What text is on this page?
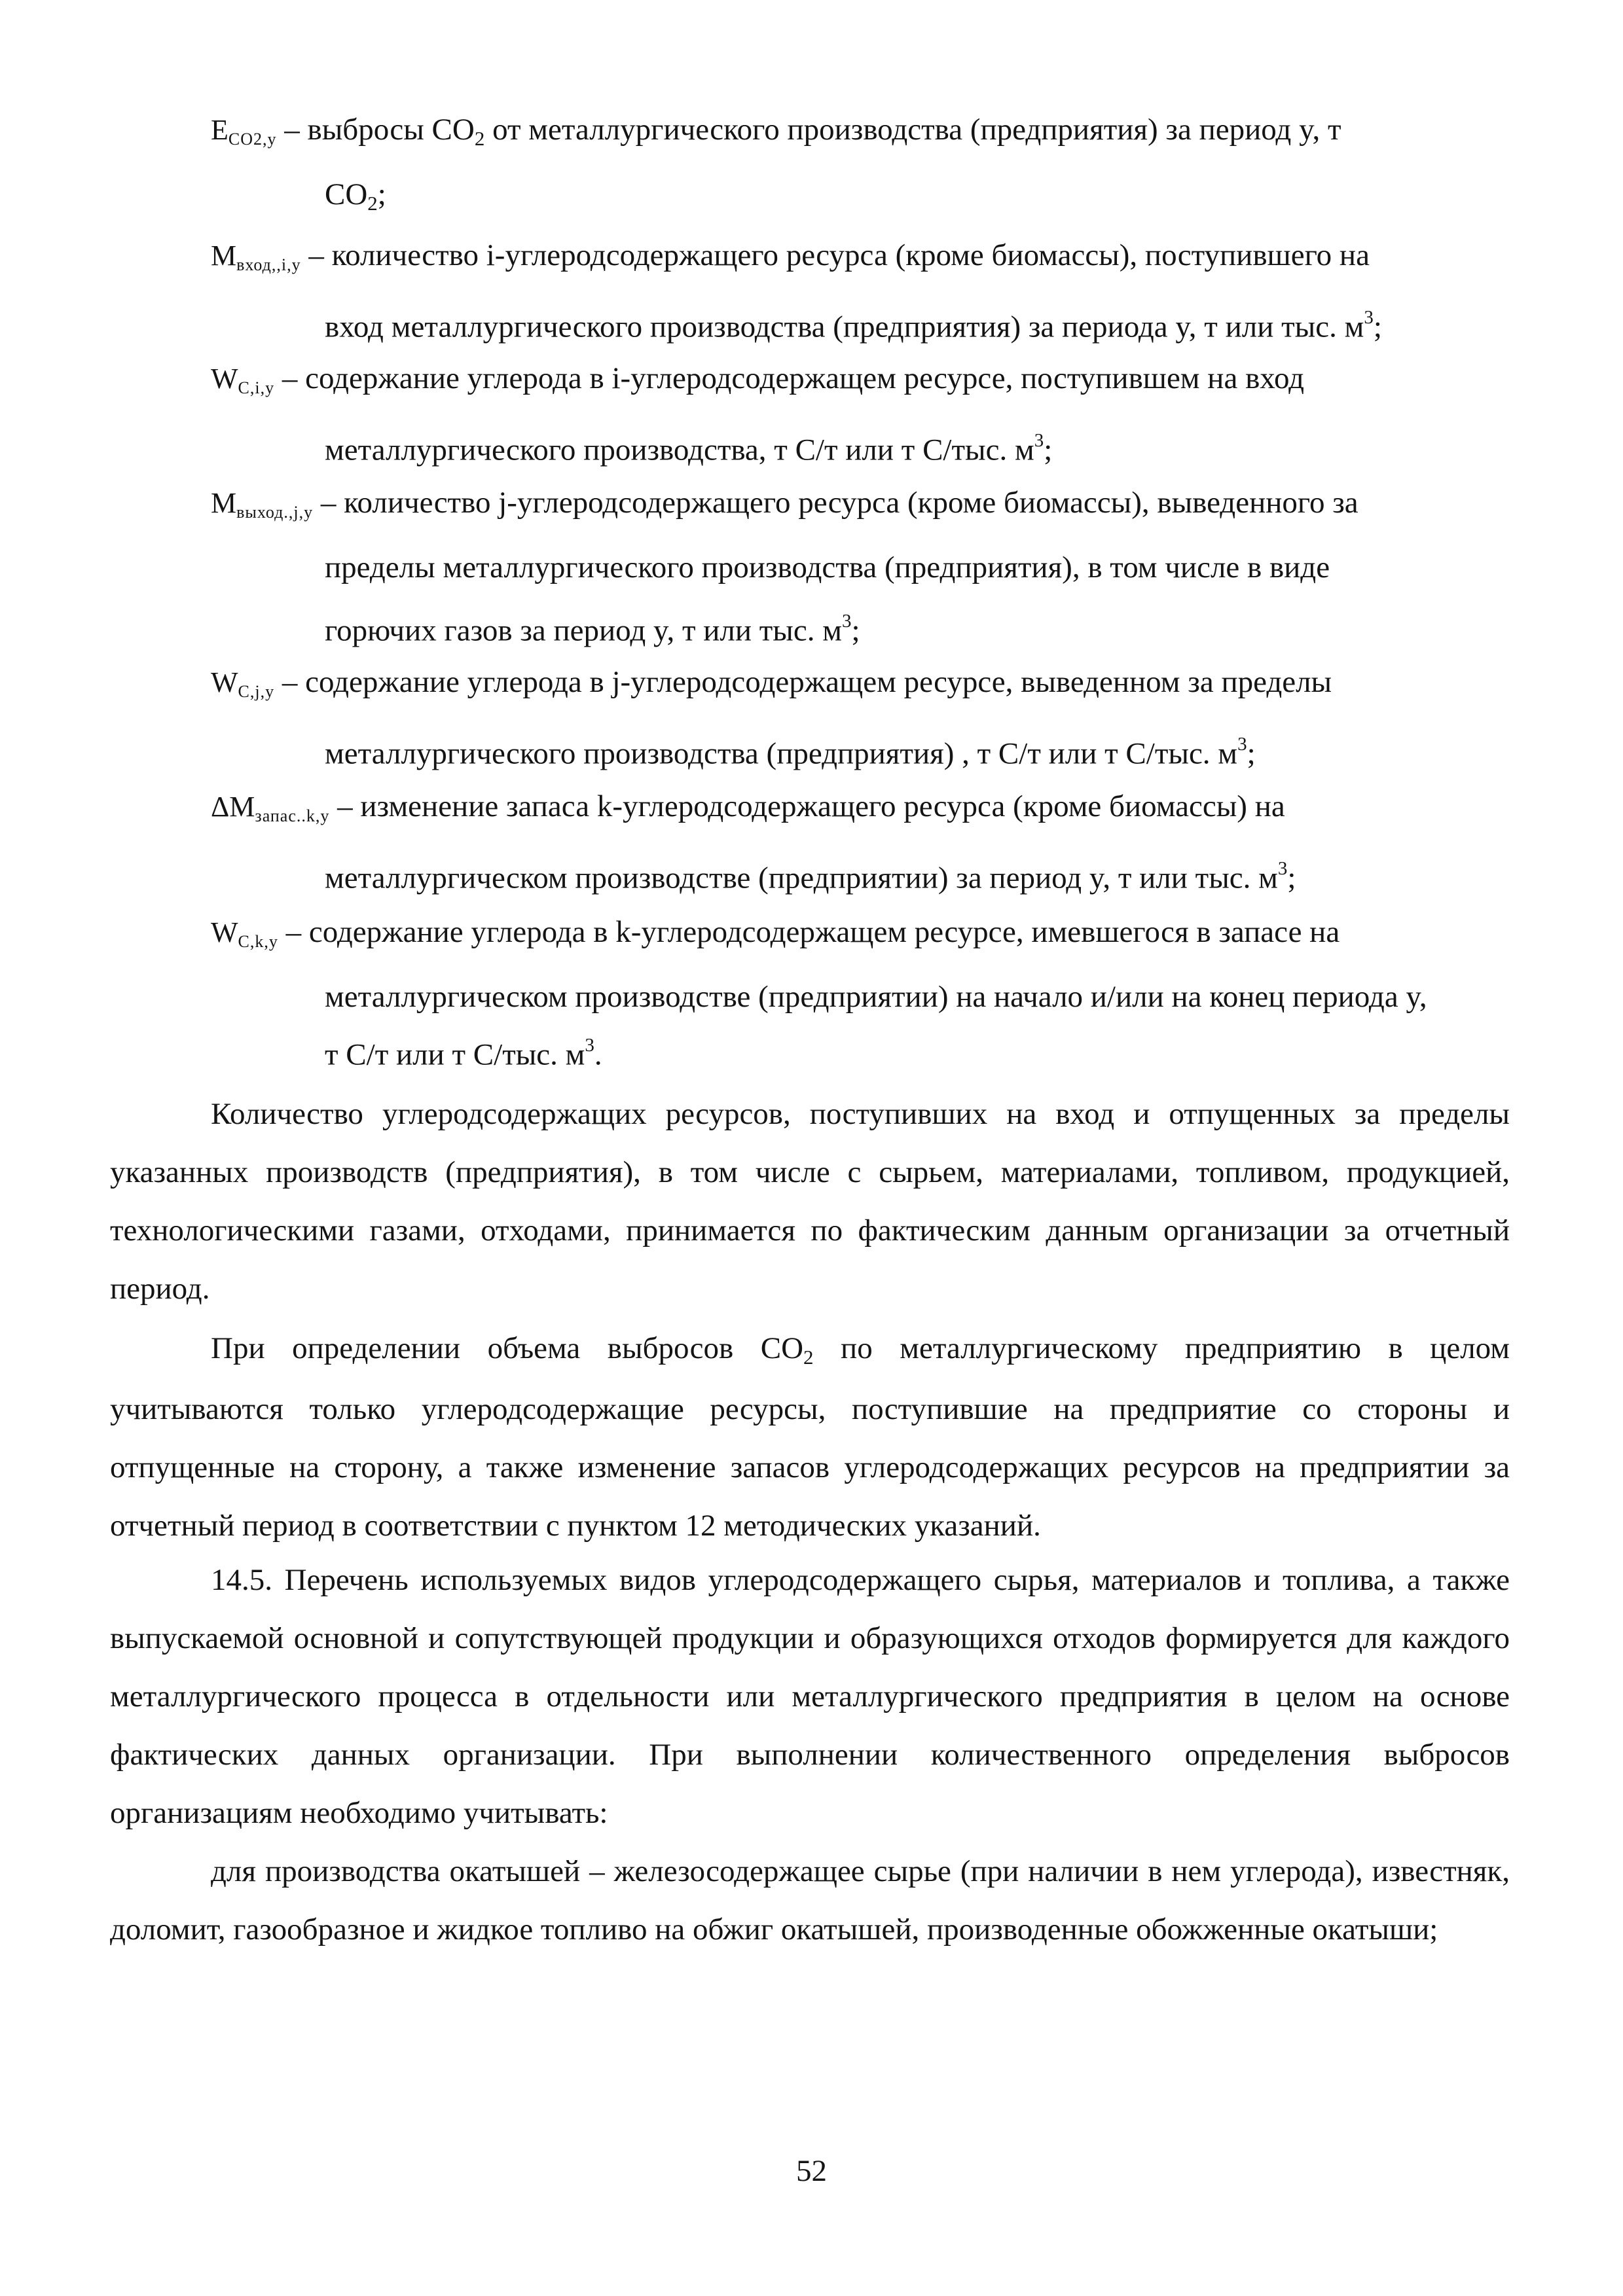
ECO2,y – выбросы CO2 от металлургического производства (предприятия) за период y, т
CO2;
Mвход,,i,y – количество i-углеродсодержащего ресурса (кроме биомассы), поступившего на
вход металлургического производства (предприятия) за периода y, т или тыс. $м^3$;
WC,i,y – содержание углерода в i-углеродсодержащем ресурсе, поступившем на вход
металлургического производства, т С/т или т С/тыс. $м^3$;
Mвыход.,j,y – количество j-углеродсодержащего ресурса (кроме биомассы), выведенного за
пределы металлургического производства (предприятия), в том числе в виде
горючих газов за период y, т или тыс. $м^3$;
WC,j,y – содержание углерода в j-углеродсодержащем ресурсе, выведенном за пределы
металлургического производства (предприятия) , т С/т или т С/тыс. $м^3$;
ΔMзапас..k,y – изменение запаса k-углеродсодержащего ресурса (кроме биомассы) на
металлургическом производстве (предприятии) за период y, т или тыс. $м^3$;
WC,k,y – содержание углерода в k-углеродсодержащем ресурсе, имевшегося в запасе на
металлургическом производстве (предприятии) на начало и/или на конец периода y,
т С/т или т С/тыс. $м^3$.

Количество углеродсодержащих ресурсов, поступивших на вход и отпущенных за пределы указанных производств (предприятия), в том числе с сырьем, материалами, топливом, продукцией, технологическими газами, отходами, принимается по фактическим данным организации за отчетный период.

При определении объема выбросов CO2 по металлургическому предприятию в целом учитываются только углеродсодержащие ресурсы, поступившие на предприятие со стороны и отпущенные на сторону, а также изменение запасов углеродсодержащих ресурсов на предприятии за отчетный период в соответствии с пунктом 12 методических указаний.

14.5. Перечень используемых видов углеродсодержащего сырья, материалов и топлива, а также выпускаемой основной и сопутствующей продукции и образующихся отходов формируется для каждого металлургического процесса в отдельности или металлургического предприятия в целом на основе фактических данных организации. При выполнении количественного определения выбросов организациям необходимо учитывать:

для производства окатышей – железосодержащее сырье (при наличии в нем углерода), известняк, доломит, газообразное и жидкое топливо на обжиг окатышей, производенные обожженные окатыши;

52
